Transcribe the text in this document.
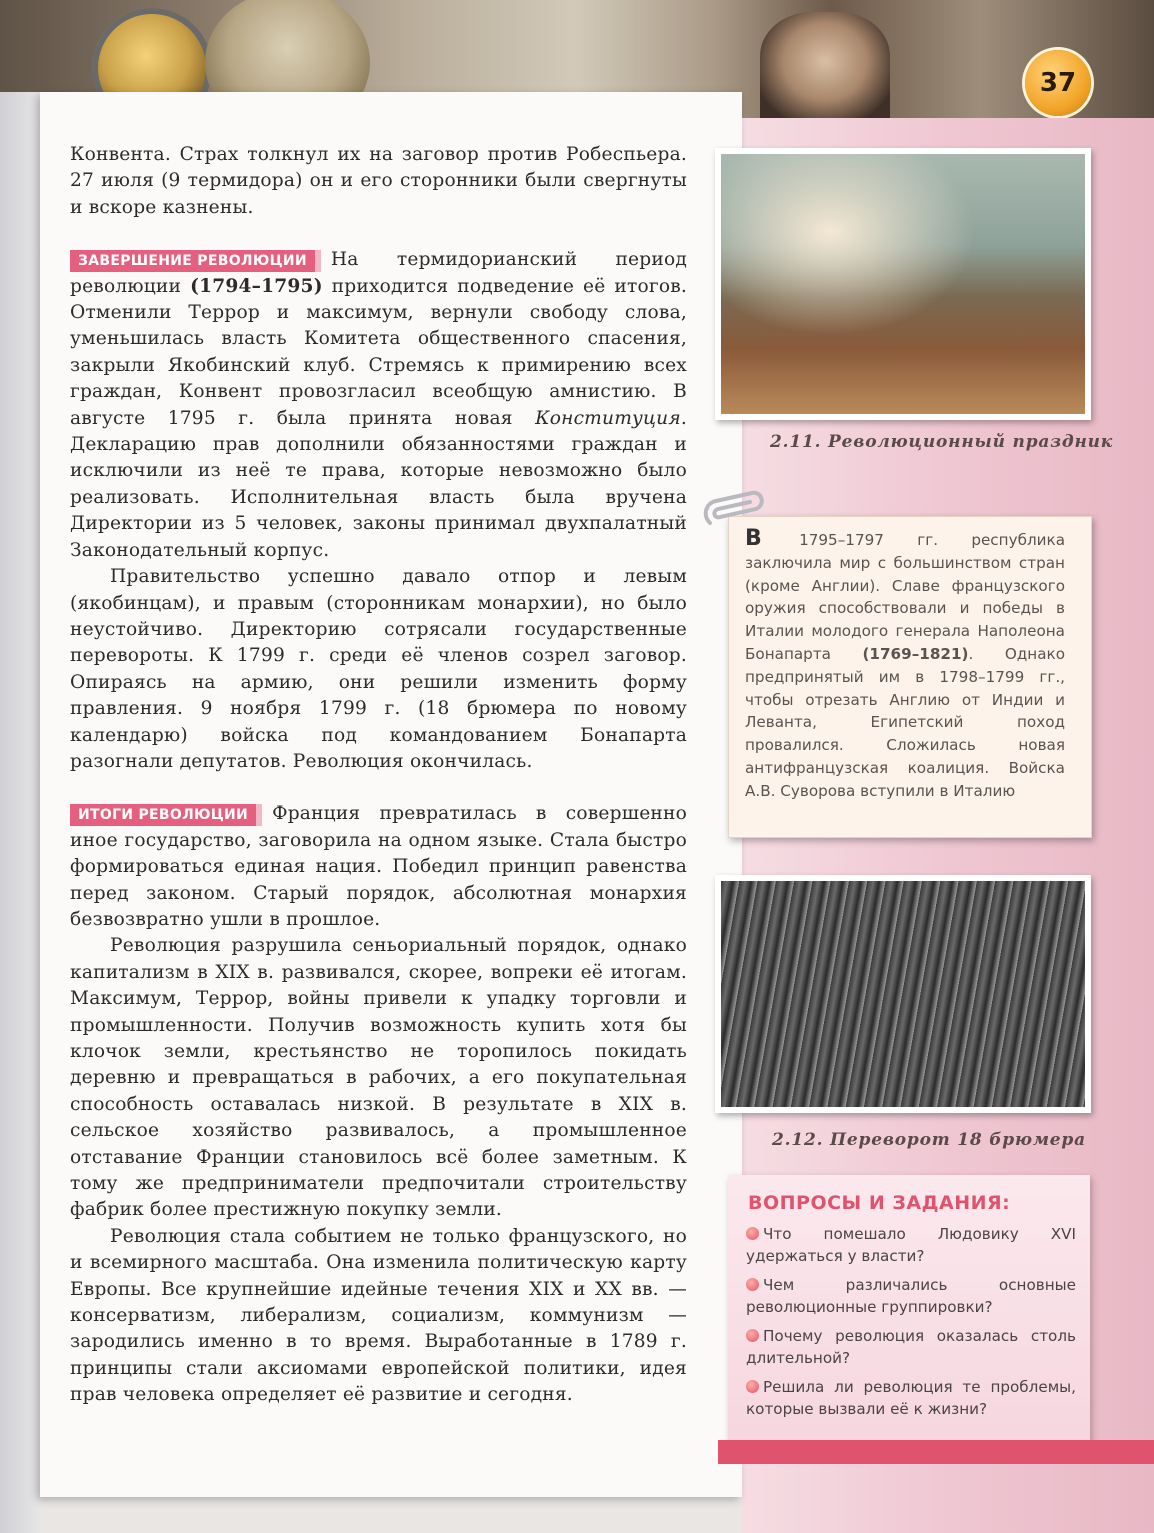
37

Конвента. Страх толкнул их на заговор против Робеспьера. 27 июля (9 термидора) он и его сторонники были свергнуты и вскоре казнены.

ЗАВЕРШЕНИЕ РЕВОЛЮЦИИ На термидорианский период революции (1794–1795) приходится подведение её итогов. Отменили Террор и максимум, вернули свободу слова, уменьшилась власть Комитета общественного спасения, закрыли Якобинский клуб. Стремясь к примирению всех граждан, Конвент провозгласил всеобщую амнистию. В августе 1795 г. была принята новая Конституция. Декларацию прав дополнили обязанностями граждан и исключили из неё те права, которые невозможно было реализовать. Исполнительная власть была вручена Директории из 5 человек, законы принимал двухпалатный Законодательный корпус.

Правительство успешно давало отпор и левым (якобинцам), и правым (сторонникам монархии), но было неустойчиво. Директорию сотрясали государственные перевороты. К 1799 г. среди её членов созрел заговор. Опираясь на армию, они решили изменить форму правления. 9 ноября 1799 г. (18 брюмера по новому календарю) войска под командованием Бонапарта разогнали депутатов. Революция окончилась.

ИТОГИ РЕВОЛЮЦИИ Франция превратилась в совершенно иное государство, заговорила на одном языке. Стала быстро формироваться единая нация. Победил принцип равенства перед законом. Старый порядок, абсолютная монархия безвозвратно ушли в прошлое.

Революция разрушила сеньориальный порядок, однако капитализм в XIX в. развивался, скорее, вопреки её итогам. Максимум, Террор, войны привели к упадку торговли и промышленности. Получив возможность купить хотя бы клочок земли, крестьянство не торопилось покидать деревню и превращаться в рабочих, а его покупательная способность оставалась низкой. В результате в XIX в. сельское хозяйство развивалось, а промышленное отставание Франции становилось всё более заметным. К тому же предприниматели предпочитали строительству фабрик более престижную покупку земли.

Революция стала событием не только французского, но и всемирного масштаба. Она изменила политическую карту Европы. Все крупнейшие идейные течения XIX и XX вв. — консерватизм, либерализм, социализм, коммунизм — зародились именно в то время. Выработанные в 1789 г. принципы стали аксиомами европейской политики, идея прав человека определяет её развитие и сегодня.

2.11. Революционный праздник
В 1795–1797 гг. республика заключила мир с большинством стран (кроме Англии). Славе французского оружия способствовали и победы в Италии молодого генерала Наполеона Бонапарта (1769–1821). Однако предпринятый им в 1798–1799 гг., чтобы отрезать Англию от Индии и Леванта, Египетский поход провалился. Сложилась новая антифранцузская коалиция. Войска А.В. Суворова вступили в Италию
2.12. Переворот 18 брюмера
ВОПРОСЫ И ЗАДАНИЯ:
Что помешало Людовику XVI удержаться у власти?
Чем различались основные революционные группировки?
Почему революция оказалась столь длительной?
Решила ли революция те проблемы, которые вызвали её к жизни?
